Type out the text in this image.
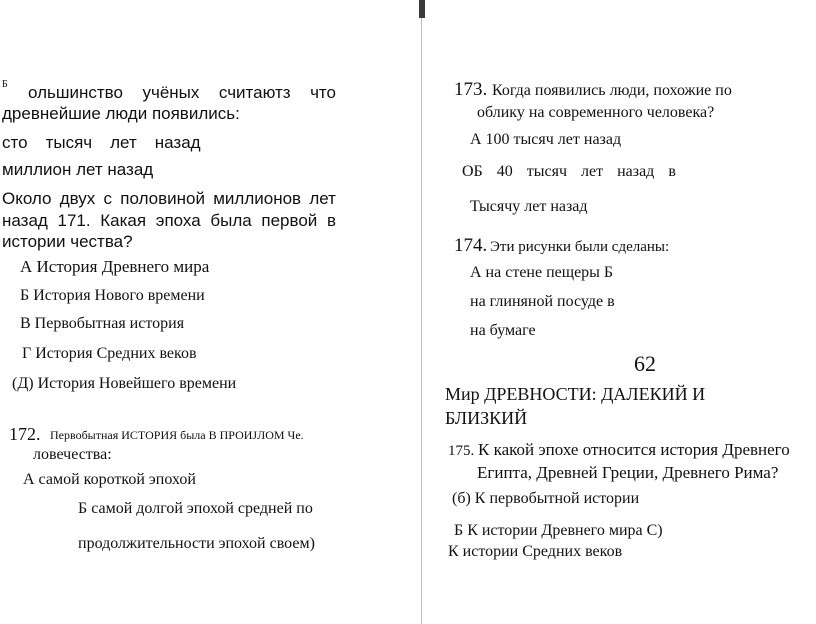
Б ольшинство учёных считаютз что
древнейшие люди появились:
сто тысяч лет назад
миллион лет назад
Около двух с половиной миллионов лет
назад 171. Какая эпоха была первой в
истории чества?
А История Древнего мира
Б История Нового времени
В Первобытная история
Г История Средних веков
(Д) История Новейшего времени
172. Первобытная ИСТОРИЯ была В ПРОИJЛОМ Че.
ловечества:
А самой короткой эпохой
Б самой долгой эпохой средней по
продолжительности эпохой своем)
173. Когда появились люди, похожие по
облику на современного человека?
А 100 тысяч лет назад
ОБ 40 тысяч лет назад в
Тысячу лет назад
174. Эти рисунки были сделаны:
А на стене пещеры Б
на глиняной посуде в
на бумаге
62
Мир ДРЕВНОСТИ: ДАЛЕКИЙ И
БЛИЗКИЙ
175. К какой эпохе относится история Древнего
Египта, Древней Греции, Древнего Рима?
(б) К первобытной истории
Б К истории Древнего мира С)
К истории Средних веков
